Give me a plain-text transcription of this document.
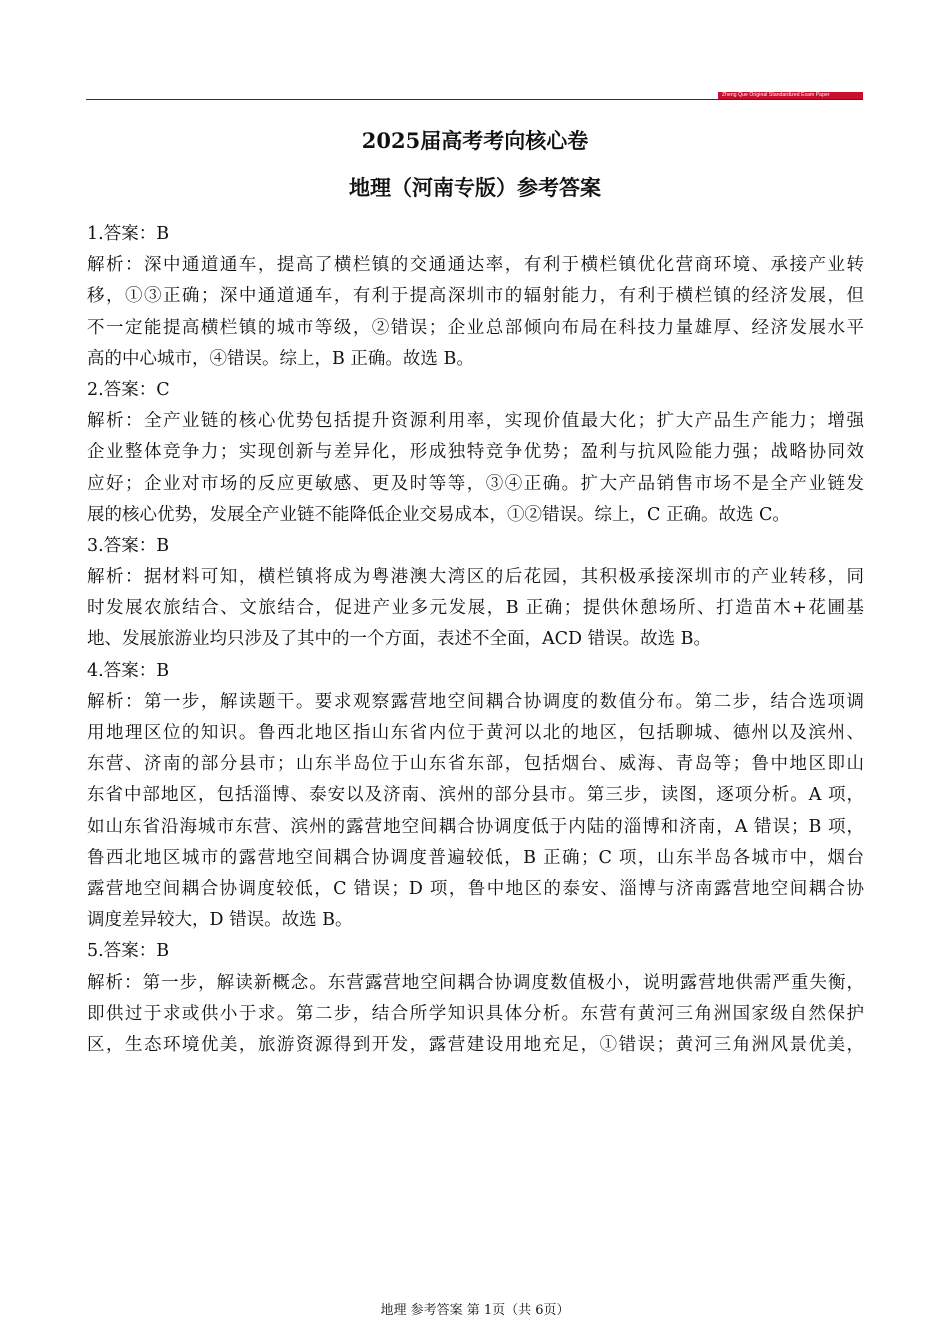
Zheng Que Original Standardized Exam Paper
2025届高考考向核心卷
地理（河南专版）参考答案

1.答案：B

解析：深中通道通车，提高了横栏镇的交通通达率，有利于横栏镇优化营商环境、承接产业转

移，①③正确；深中通道通车，有利于提高深圳市的辐射能力，有利于横栏镇的经济发展，但

不一定能提高横栏镇的城市等级，②错误；企业总部倾向布局在科技力量雄厚、经济发展水平

高的中心城市，④错误。综上，B 正确。故选 B。

2.答案：C

解析：全产业链的核心优势包括提升资源利用率，实现价值最大化；扩大产品生产能力；增强

企业整体竞争力；实现创新与差异化，形成独特竞争优势；盈利与抗风险能力强；战略协同效

应好；企业对市场的反应更敏感、更及时等等，③④正确。扩大产品销售市场不是全产业链发

展的核心优势，发展全产业链不能降低企业交易成本，①②错误。综上，C 正确。故选 C。

3.答案：B

解析：据材料可知，横栏镇将成为粤港澳大湾区的后花园，其积极承接深圳市的产业转移，同

时发展农旅结合、文旅结合，促进产业多元发展，B 正确；提供休憩场所、打造苗木+花圃基

地、发展旅游业均只涉及了其中的一个方面，表述不全面，ACD 错误。故选 B。

4.答案：B

解析：第一步，解读题干。要求观察露营地空间耦合协调度的数值分布。第二步，结合选项调

用地理区位的知识。鲁西北地区指山东省内位于黄河以北的地区，包括聊城、德州以及滨州、

东营、济南的部分县市；山东半岛位于山东省东部，包括烟台、威海、青岛等；鲁中地区即山

东省中部地区，包括淄博、泰安以及济南、滨州的部分县市。第三步，读图，逐项分析。A 项，

如山东省沿海城市东营、滨州的露营地空间耦合协调度低于内陆的淄博和济南，A 错误；B 项，

鲁西北地区城市的露营地空间耦合协调度普遍较低，B 正确；C 项，山东半岛各城市中，烟台

露营地空间耦合协调度较低，C 错误；D 项，鲁中地区的泰安、淄博与济南露营地空间耦合协

调度差异较大，D 错误。故选 B。

5.答案：B

解析：第一步，解读新概念。东营露营地空间耦合协调度数值极小，说明露营地供需严重失衡，

即供过于求或供小于求。第二步，结合所学知识具体分析。东营有黄河三角洲国家级自然保护

区，生态环境优美，旅游资源得到开发，露营建设用地充足，①错误；黄河三角洲风景优美，

地理 参考答案 第 1页（共 6页）
